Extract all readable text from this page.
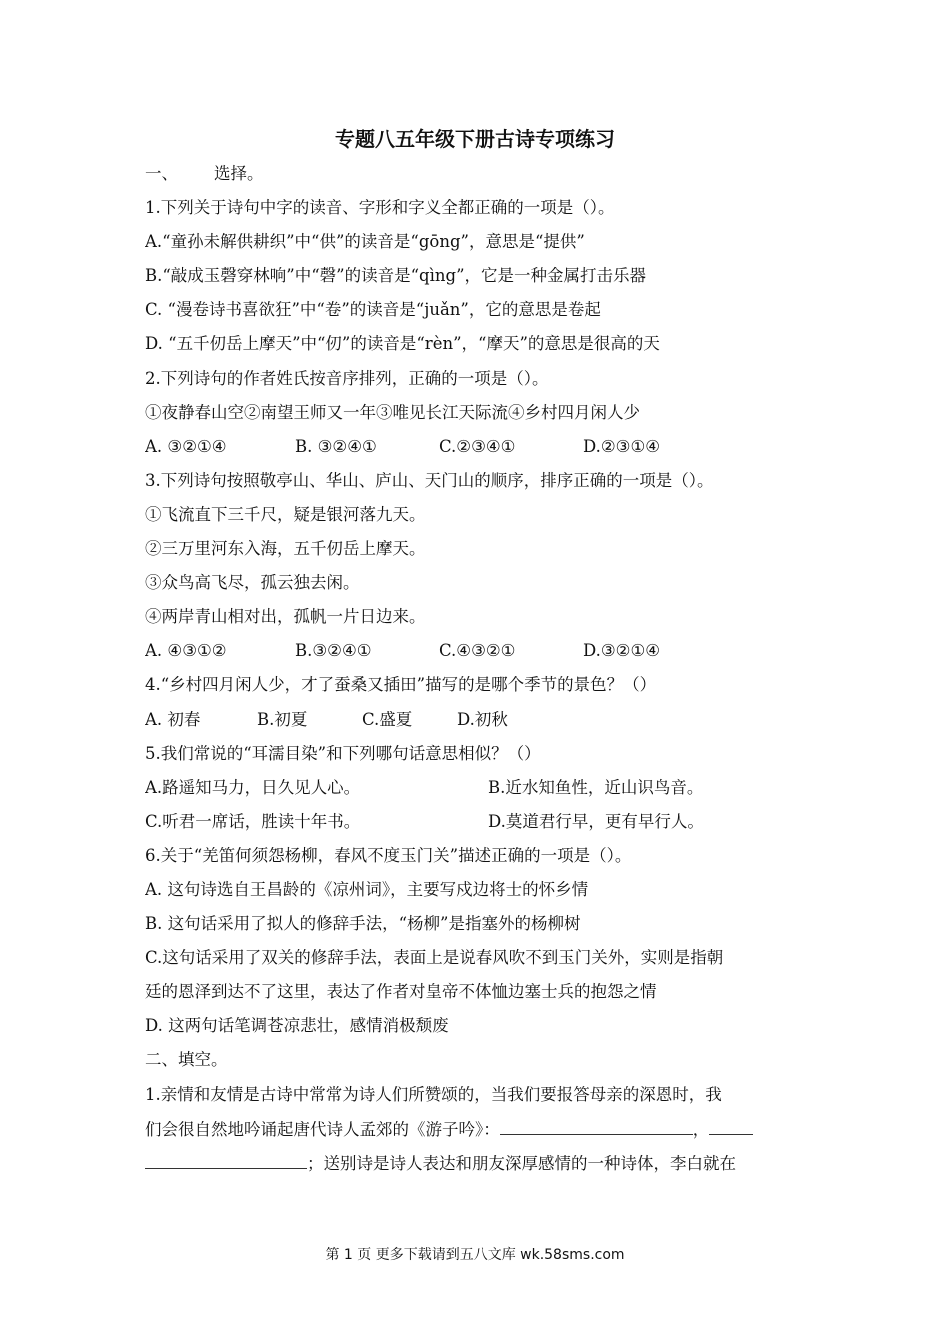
专题八五年级下册古诗专项练习
一、 选择。
1.下列关于诗句中字的读音、字形和字义全都正确的一项是（）。
A.“童孙未解供耕织”中“供”的读音是“gōng”，意思是“提供”
B.“敲成玉磬穿林响”中“磬”的读音是“qìng”，它是一种金属打击乐器
C. “漫卷诗书喜欲狂”中“卷”的读音是“juǎn”，它的意思是卷起
D. “五千仞岳上摩天”中“仞”的读音是“rèn”，“摩天”的意思是很高的天
2.下列诗句的作者姓氏按音序排列，正确的一项是（）。
①夜静春山空②南望王师又一年③唯见长江天际流④乡村四月闲人少
A. ③②①④	B. ③②④①	C.②③④①	D.②③①④
3.下列诗句按照敬亭山、华山、庐山、天门山的顺序，排序正确的一项是（）。
①飞流直下三千尺，疑是银河落九天。
②三万里河东入海，五千仞岳上摩天。
③众鸟高飞尽，孤云独去闲。
④两岸青山相对出，孤帆一片日边来。
A. ④③①②	B.③②④①	C.④③②①	D.③②①④
4.“乡村四月闲人少，才了蚕桑又插田”描写的是哪个季节的景色？（）
A. 初春	B.初夏	C.盛夏	D.初秋
5.我们常说的“耳濡目染”和下列哪句话意思相似？（）
A.路遥知马力，日久见人心。	B.近水知鱼性，近山识鸟音。
C.听君一席话，胜读十年书。	D.莫道君行早，更有早行人。
6.关于“羌笛何须怨杨柳，春风不度玉门关”描述正确的一项是（）。
A. 这句诗选自王昌龄的《凉州词》，主要写戍边将士的怀乡情
B. 这句话采用了拟人的修辞手法，“杨柳”是指塞外的杨柳树
C.这句话采用了双关的修辞手法，表面上是说春风吹不到玉门关外，实则是指朝
廷的恩泽到达不了这里，表达了作者对皇帝不体恤边塞士兵的抱怨之情
D. 这两句话笔调苍凉悲壮，感情消极颓废
二、填空。
1.亲情和友情是古诗中常常为诗人们所赞颂的，当我们要报答母亲的深恩时，我
们会很自然地吟诵起唐代诗人孟郊的《游子吟》：	，
；送别诗是诗人表达和朋友深厚感情的一种诗体，李白就在
第 1 页 更多下载请到五八文库 wk.58sms.com
